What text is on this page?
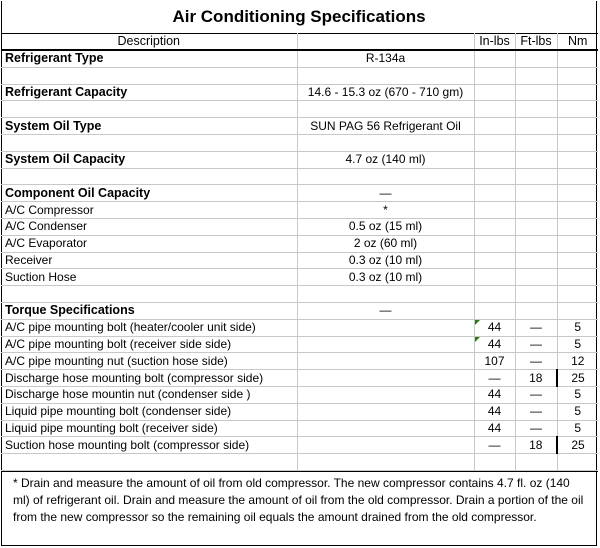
Air Conditioning Specifications
Description		In-lbs	Ft-lbs	Nm
Refrigerant Type	R-134a			

Refrigerant Capacity	14.6 - 15.3 oz (670 - 710 gm)			

System Oil Type	SUN PAG 56 Refrigerant Oil			

System Oil Capacity	4.7 oz (140 ml)			

Component Oil Capacity	—			
A/C Compressor	*			
A/C Condenser	0.5 oz (15 ml)			
A/C Evaporator	2 oz (60 ml)			
Receiver	0.3 oz (10 ml)			
Suction Hose	0.3 oz (10 ml)			

Torque Specifications	—			
A/C pipe mounting bolt (heater/cooler unit side)		44	—	5
A/C pipe mounting bolt (receiver side side)		44	—	5
A/C pipe mounting nut (suction hose side)		107	—	12
Discharge hose mounting bolt (compressor side)		—	18	25
Discharge hose mountin nut (condenser side )		44	—	5
Liquid pipe mounting bolt (condenser side)		44	—	5
Liquid pipe mounting bolt (receiver side)		44	—	5
Suction hose mounting bolt (compressor side)		—	18	25

* Drain and measure the amount of oil from old compressor. The new compressor contains 4.7 fl. oz (140 ml) of refrigerant oil. Drain and measure the amount of oil from the old compressor. Drain a portion of the oil from the new compressor so the remaining oil equals the amount drained from the old compressor.
